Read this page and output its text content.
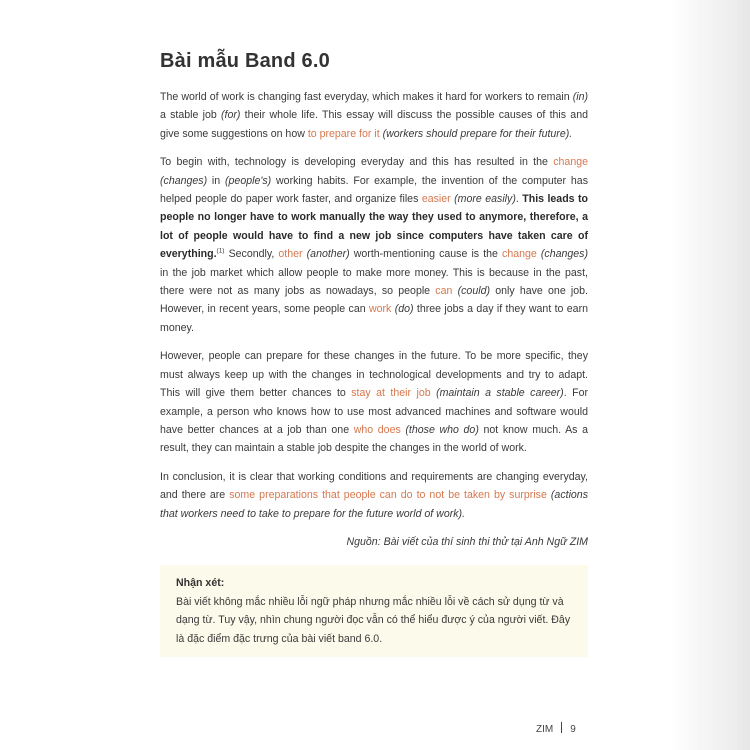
Bài mẫu Band 6.0
The world of work is changing fast everyday, which makes it hard for workers to remain (in) a stable job (for) their whole life. This essay will discuss the possible causes of this and give some suggestions on how to prepare for it (workers should prepare for their future).
To begin with, technology is developing everyday and this has resulted in the change (changes) in (people's) working habits. For example, the invention of the computer has helped people do paper work faster, and organize files easier (more easily). This leads to people no longer have to work manually the way they used to anymore, therefore, a lot of people would have to find a new job since computers have taken care of everything.$^{(1)}$ Secondly, other (another) worth-mentioning cause is the change (changes) in the job market which allow people to make more money. This is because in the past, there were not as many jobs as nowadays, so people can (could) only have one job. However, in recent years, some people can work (do) three jobs a day if they want to earn money.
However, people can prepare for these changes in the future. To be more specific, they must always keep up with the changes in technological developments and try to adapt. This will give them better chances to stay at their job (maintain a stable career). For example, a person who knows how to use most advanced machines and software would have better chances at a job than one who does (those who do) not know much. As a result, they can maintain a stable job despite the changes in the world of work.
In conclusion, it is clear that working conditions and requirements are changing everyday, and there are some preparations that people can do to not be taken by surprise (actions that workers need to take to prepare for the future world of work).
Nguồn: Bài viết của thí sinh thi thử tại Anh Ngữ ZIM
Nhận xét:
Bài viết không mắc nhiều lỗi ngữ pháp nhưng mắc nhiều lỗi về cách sử dụng từ và dạng từ. Tuy vậy, nhìn chung người đọc vẫn có thể hiểu được ý của người viết. Đây là đặc điểm đặc trưng của bài viết band 6.0.
ZIM 9
